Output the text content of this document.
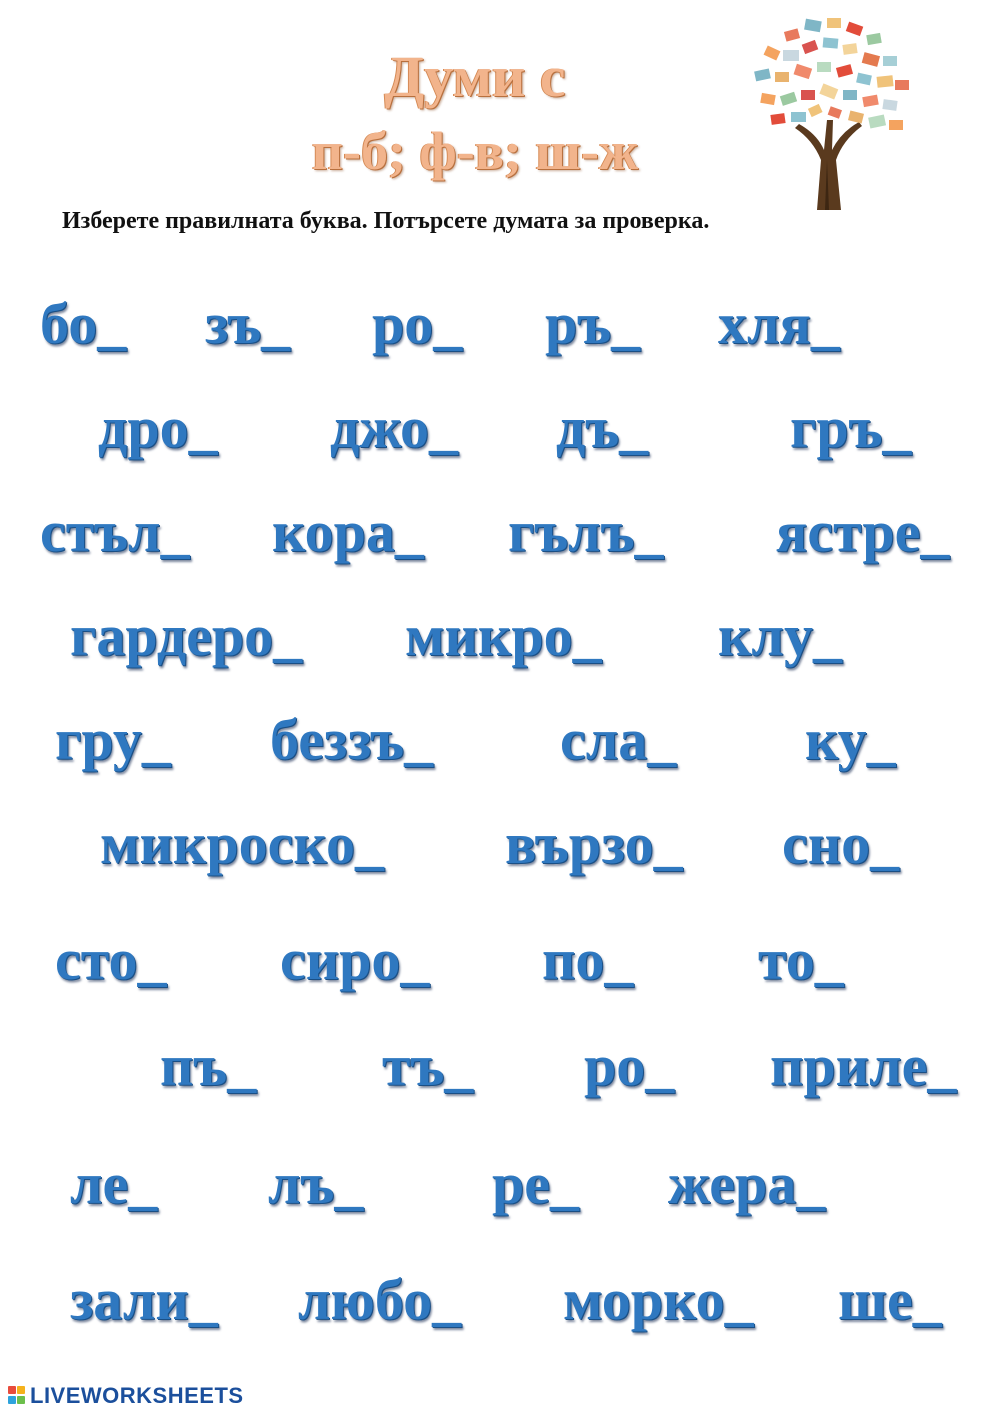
Думи с
п-б; ф-в; ш-ж
Изберете правилната буква. Потърсете думата за проверка.
бо_ зъ_ ро_ ръ_ хля_
дро_ джо_ дъ_ гръ_
стъл_ кора_ гълъ_ ястре_
гардеро_ микро_ клу_
гру_ беззъ_ сла_ ку_
микроско_ вързо_ сно_
сто_ сиро_ по_ то_
пъ_ тъ_ ро_ приле_
ле_ лъ_ ре_ жера_
зали_ любо_ морко_ ше_
LIVEWORKSHEETS
